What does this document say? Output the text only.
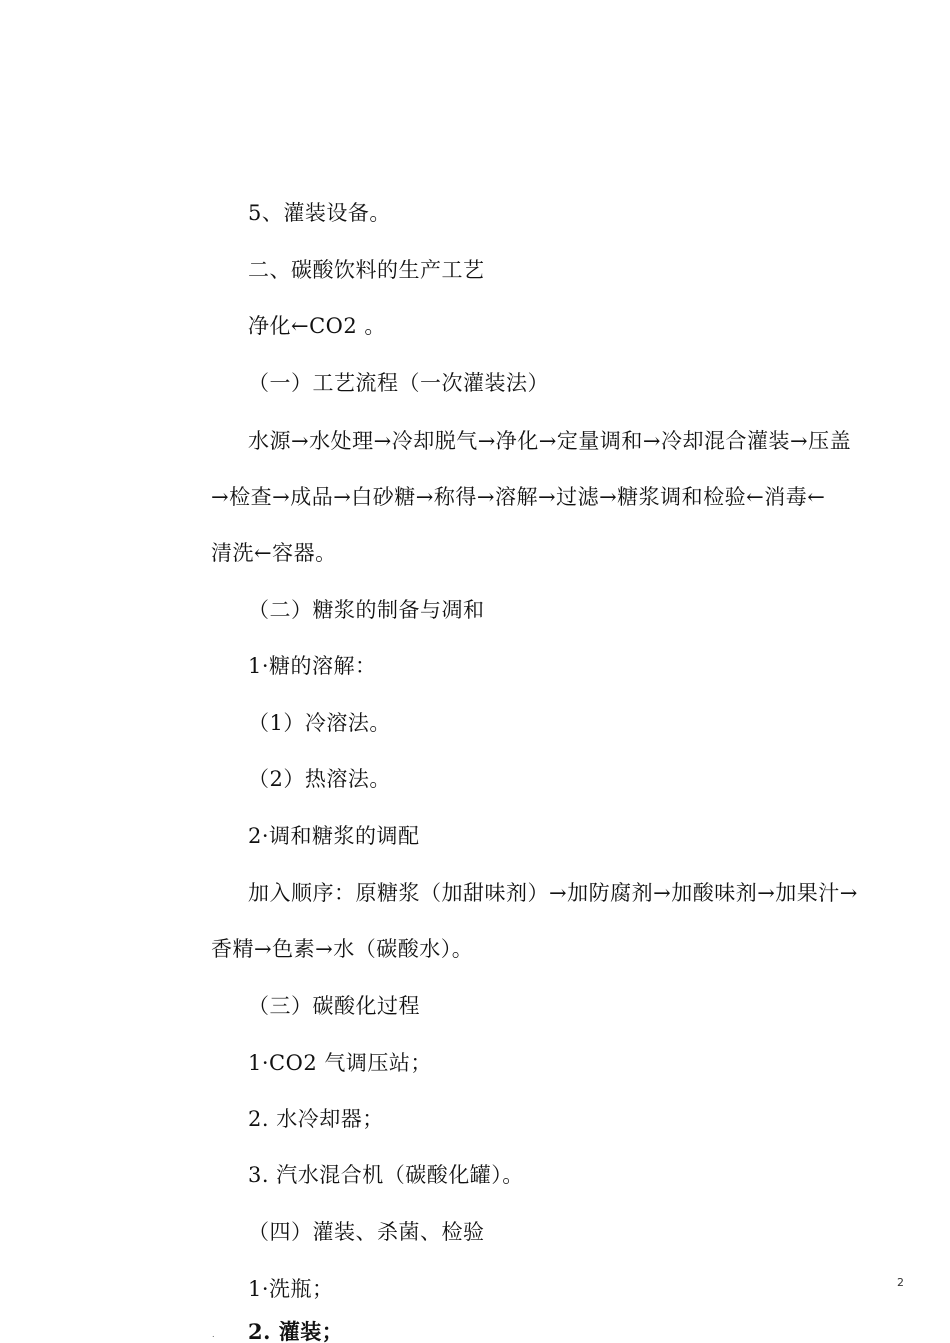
5、灌装设备。
二、碳酸饮料的生产工艺
净化←CO2 。
（一）工艺流程（一次灌装法）
水源→水处理→冷却脱气→净化→定量调和→冷却混合灌装→压盖
→检查→成品→白砂糖→称得→溶解→过滤→糖浆调和检验←消毒←
清洗←容器。
（二）糖浆的制备与凋和
1·糖的溶解：
（1）冷溶法。
（2）热溶法。
2·调和糖浆的调配
加入顺序：原糖浆（加甜味剂）→加防腐剂→加酸味剂→加果汁→
香精→色素→水（碳酸水）。
（三）碳酸化过程
1·CO2 气调压站；
2. 水冷却器；
3. 汽水混合机（碳酸化罐）。
（四）灌装、杀菌、检验
1·洗瓶；
2. 灌装；
2
.
